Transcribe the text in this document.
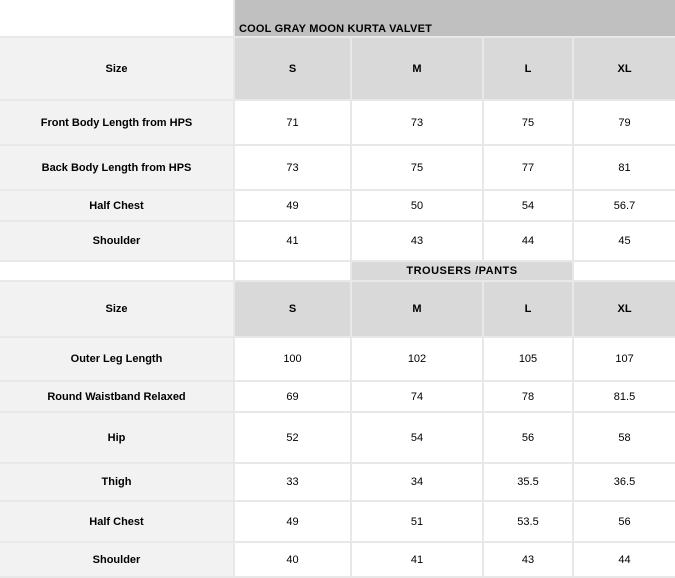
	COOL GRAY MOON KURTA VALVET			
Size	S	M	L	XL
Front Body Length from HPS	71	73	75	79
Back Body Length from HPS	73	75	77	81
Half Chest	49	50	54	56.7
Shoulder	41	43	44	45
		TROUSERS /PANTS		
Size	S	M	L	XL
Outer Leg Length	100	102	105	107
Round Waistband Relaxed	69	74	78	81.5
Hip	52	54	56	58
Thigh	33	34	35.5	36.5
Half Chest	49	51	53.5	56
Shoulder	40	41	43	44
